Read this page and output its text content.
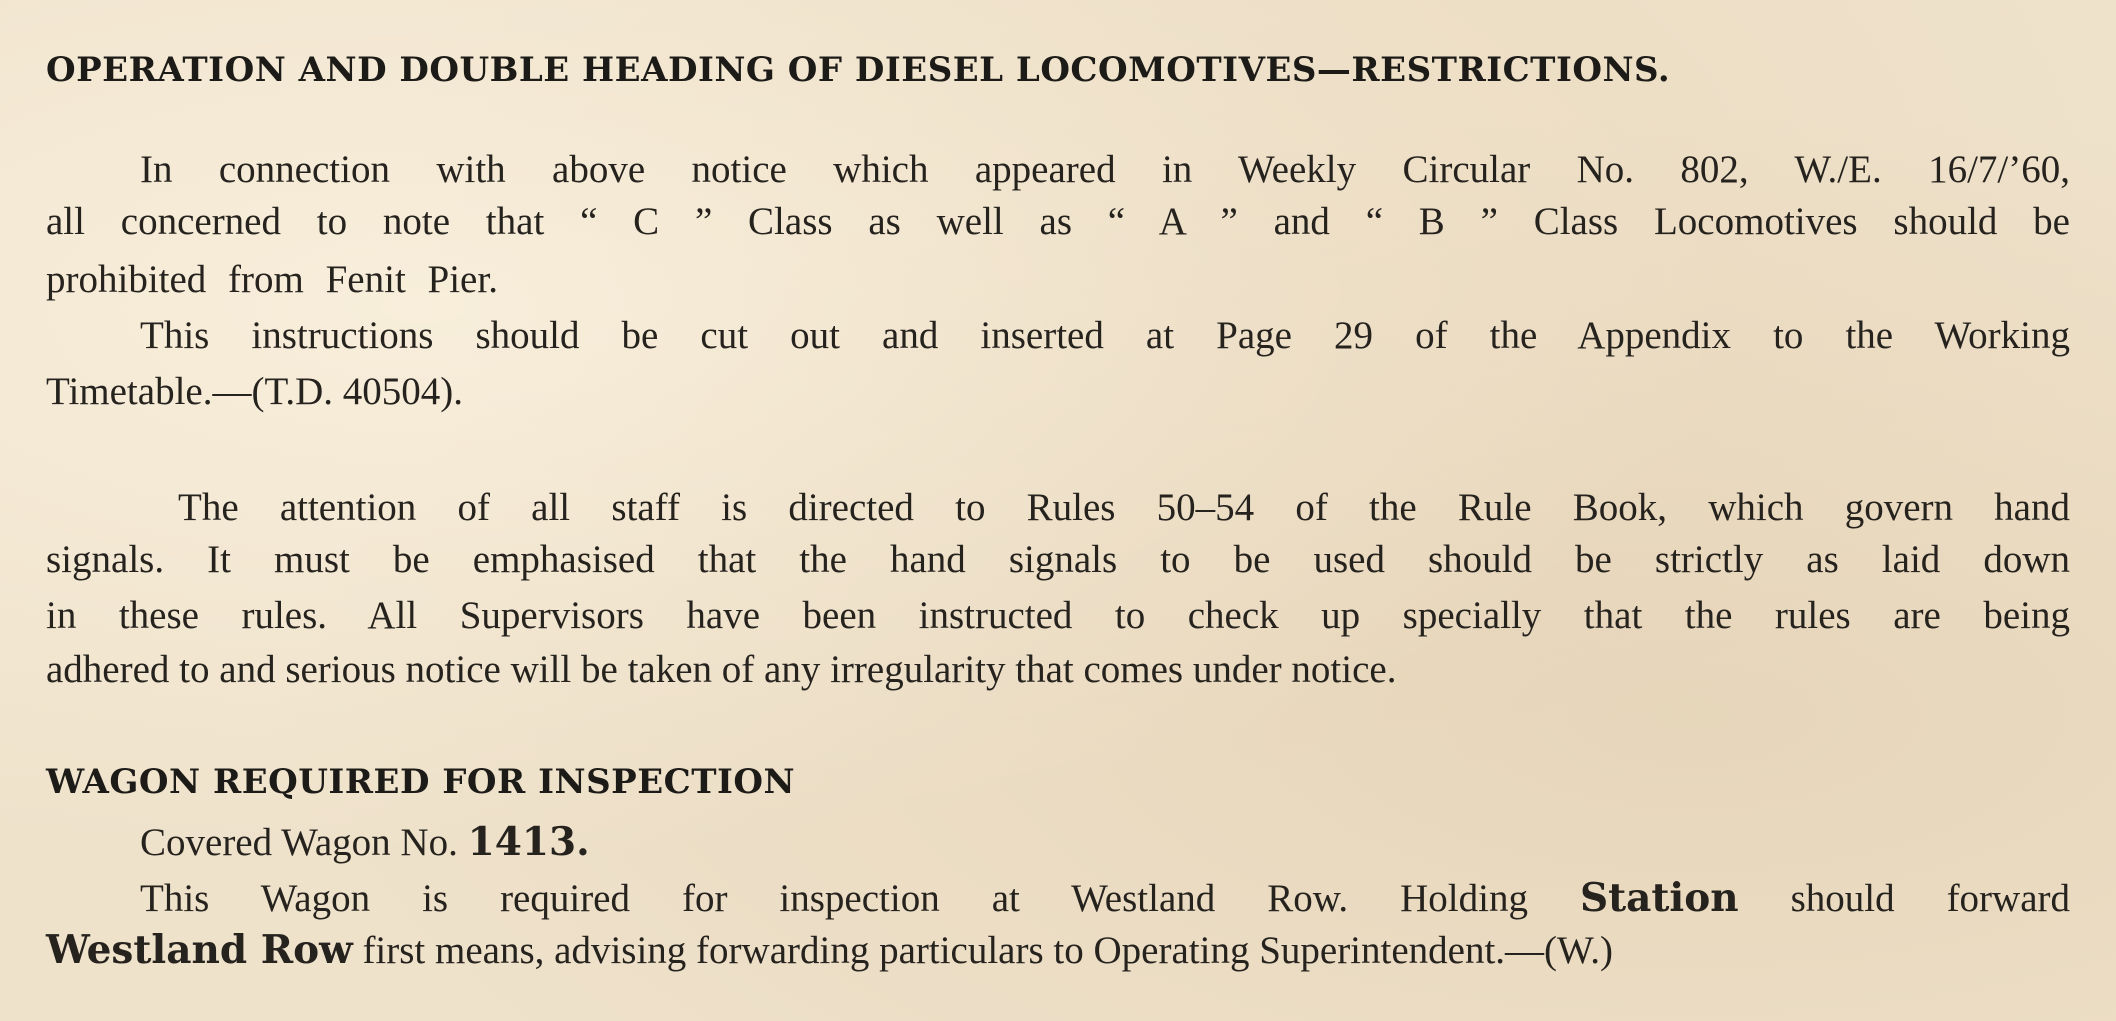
OPERATION AND DOUBLE HEADING OF DIESEL LOCOMOTIVES—RESTRICTIONS.
In connection with above notice which appeared in Weekly Circular No. 802, W./E. 16/7/’60,
all concerned to note that “ C ” Class as well as “ A ” and “ B ” Class Locomotives should be
prohibited from Fenit Pier.
This instructions should be cut out and inserted at Page 29 of the Appendix to the Working
Timetable.—(T.D. 40504).
The attention of all staff is directed to Rules 50–54 of the Rule Book, which govern hand
signals. It must be emphasised that the hand signals to be used should be strictly as laid down
in these rules. All Supervisors have been instructed to check up specially that the rules are being
adhered to and serious notice will be taken of any irregularity that comes under notice.
WAGON REQUIRED FOR INSPECTION
Covered Wagon No. 1413.
This Wagon is required for inspection at Westland Row. Holding Station should forward
Westland Row first means, advising forwarding particulars to Operating Superintendent.—(W.)
